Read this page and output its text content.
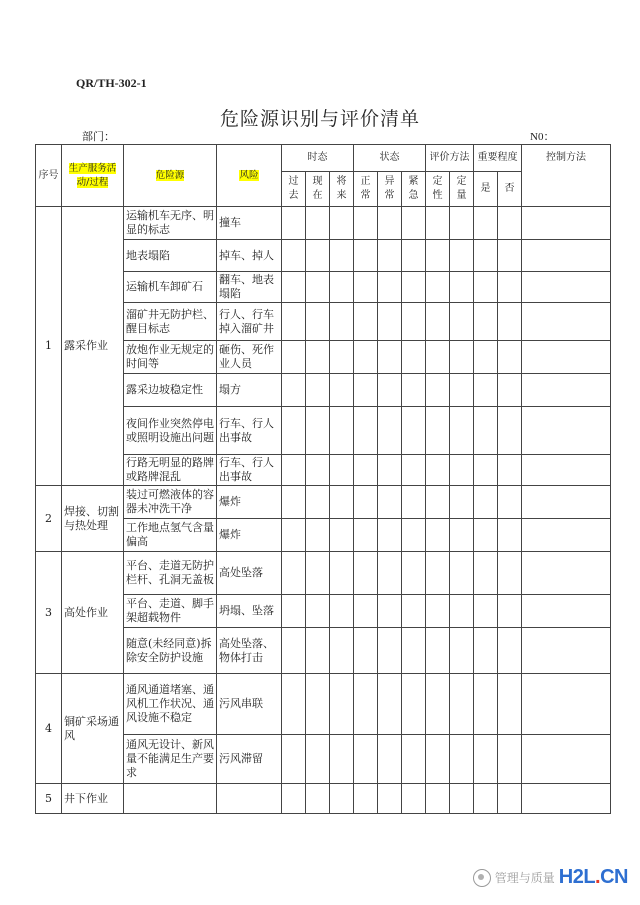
QR/TH-302-1
危险源识别与评价清单
部门：	N0：
序号	生产服务活动/过程	危险源	风险	时态			状态			评价方法		重要程度		控制方法
				过去	现在	将来	正常	异常	紧急	定性	定量	是	否	
1	露采作业	运输机车无序、明显的标志	撞车											
		地表塌陷	掉车、掉人											
		运输机车卸矿石	翻车、地表塌陷											
		溜矿井无防护栏、醒目标志	行人、行车掉入溜矿井											
		放炮作业无规定的时间等	砸伤、死作业人员											
		露采边坡稳定性	塌方											
		夜间作业突然停电或照明设施出问题	行车、行人出事故											
		行路无明显的路牌或路牌混乱	行车、行人出事故											
2	焊接、切割与热处理	装过可燃液体的容器未冲洗干净	爆炸											
		工作地点氢气含量偏高	爆炸											
3	高处作业	平台、走道无防护栏杆、孔洞无盖板	高处坠落											
		平台、走道、脚手架超载物件	坍塌、坠落											
		随意(未经同意)拆除安全防护设施	高处坠落、物体打击											
4	铜矿采场通风	通风通道堵塞、通风机工作状况、通风设施不稳定	污风串联											
		通风无设计、新风量不能满足生产要求	污风滞留											
5	井下作业													
管理与质量 H2L.CN
